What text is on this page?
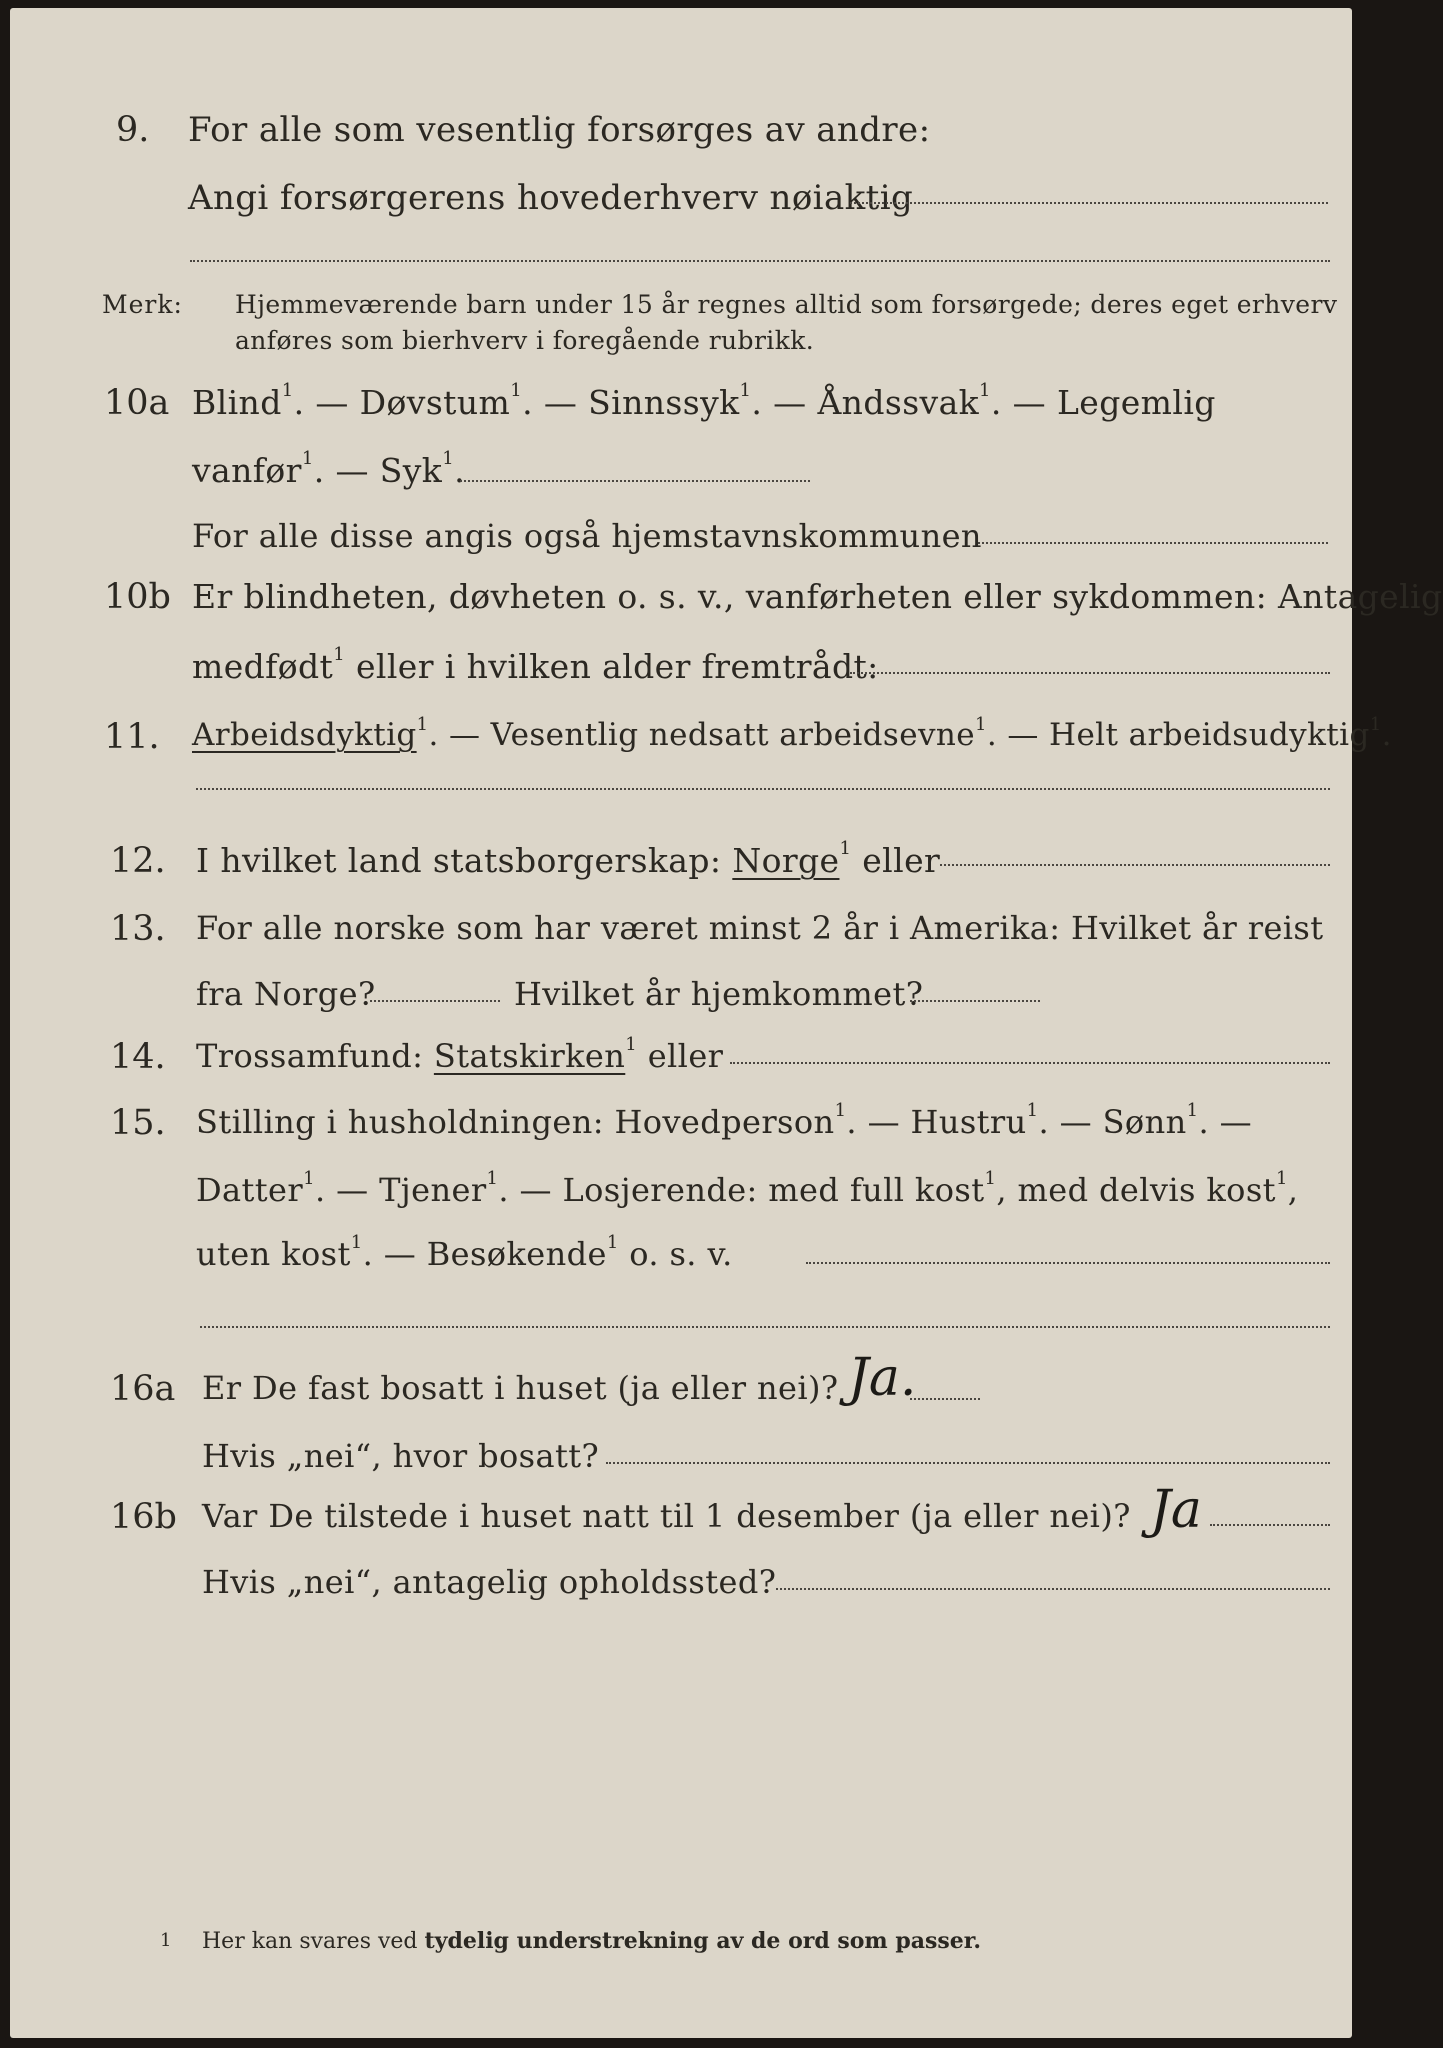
9. For alle som vesentlig forsørges av andre:
Angi forsørgerens hovederhverv nøiaktig
Merk: Hjemmeværende barn under 15 år regnes alltid som forsørgede; deres eget erhverv
anføres som bierhverv i foregående rubrikk.
10a Blind$^1$. — Døvstum$^1$. — Sinnssyk$^1$. — Åndssvak$^1$. — Legemlig
vanfør$^1$. — Syk$^1$.
For alle disse angis også hjemstavnskommunen
10b Er blindheten, døvheten o. s. v., vanførheten eller sykdommen: Antagelig
medfødt$^1$ eller i hvilken alder fremtrådt:
11. Arbeidsdyktig$^1$. — Vesentlig nedsatt arbeidsevne$^1$. — Helt arbeidsudyktig$^1$.
12. I hvilket land statsborgerskap: Norge$^1$ eller
13. For alle norske som har været minst 2 år i Amerika: Hvilket år reist
fra Norge?	Hvilket år hjemkommet?
14. Trossamfund: Statskirken$^1$ eller
15. Stilling i husholdningen: Hovedperson$^1$. — Hustru$^1$. — Sønn$^1$. —
Datter$^1$. — Tjener$^1$. — Losjerende: med full kost$^1$, med delvis kost$^1$,
uten kost$^1$. — Besøkende$^1$ o. s. v.
16a Er De fast bosatt i huset (ja eller nei)? Ja.
Hvis „nei“, hvor bosatt?
16b Var De tilstede i huset natt til 1 desember (ja eller nei)? Ja
Hvis „nei“, antagelig opholdssted?
1 Her kan svares ved tydelig understrekning av de ord som passer.
